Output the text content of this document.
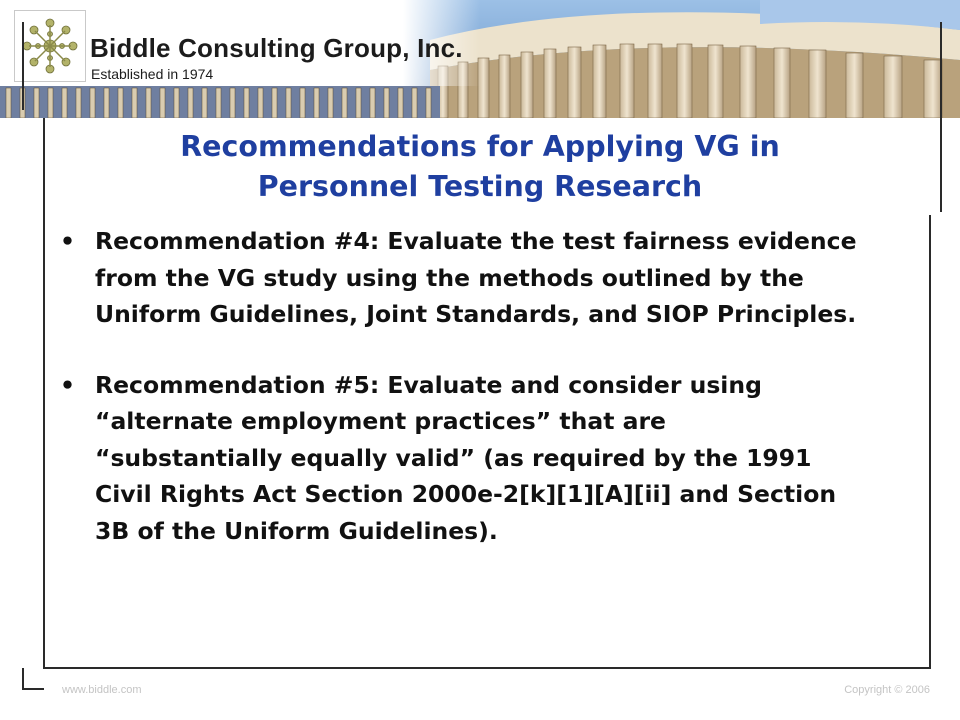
Biddle Consulting Group, Inc.
Established in 1974
Recommendations for Applying VG in
Personnel Testing Research
• Recommendation #4: Evaluate the test fairness evidence from the VG study using the methods outlined by the Uniform Guidelines, Joint Standards, and SIOP Principles.
• Recommendation #5: Evaluate and consider using “alternate employment practices” that are “substantially equally valid” (as required by the 1991 Civil Rights Act Section 2000e-2[k][1][A][ii] and Section 3B of the Uniform Guidelines).
www.biddle.com	Copyright © 2006
